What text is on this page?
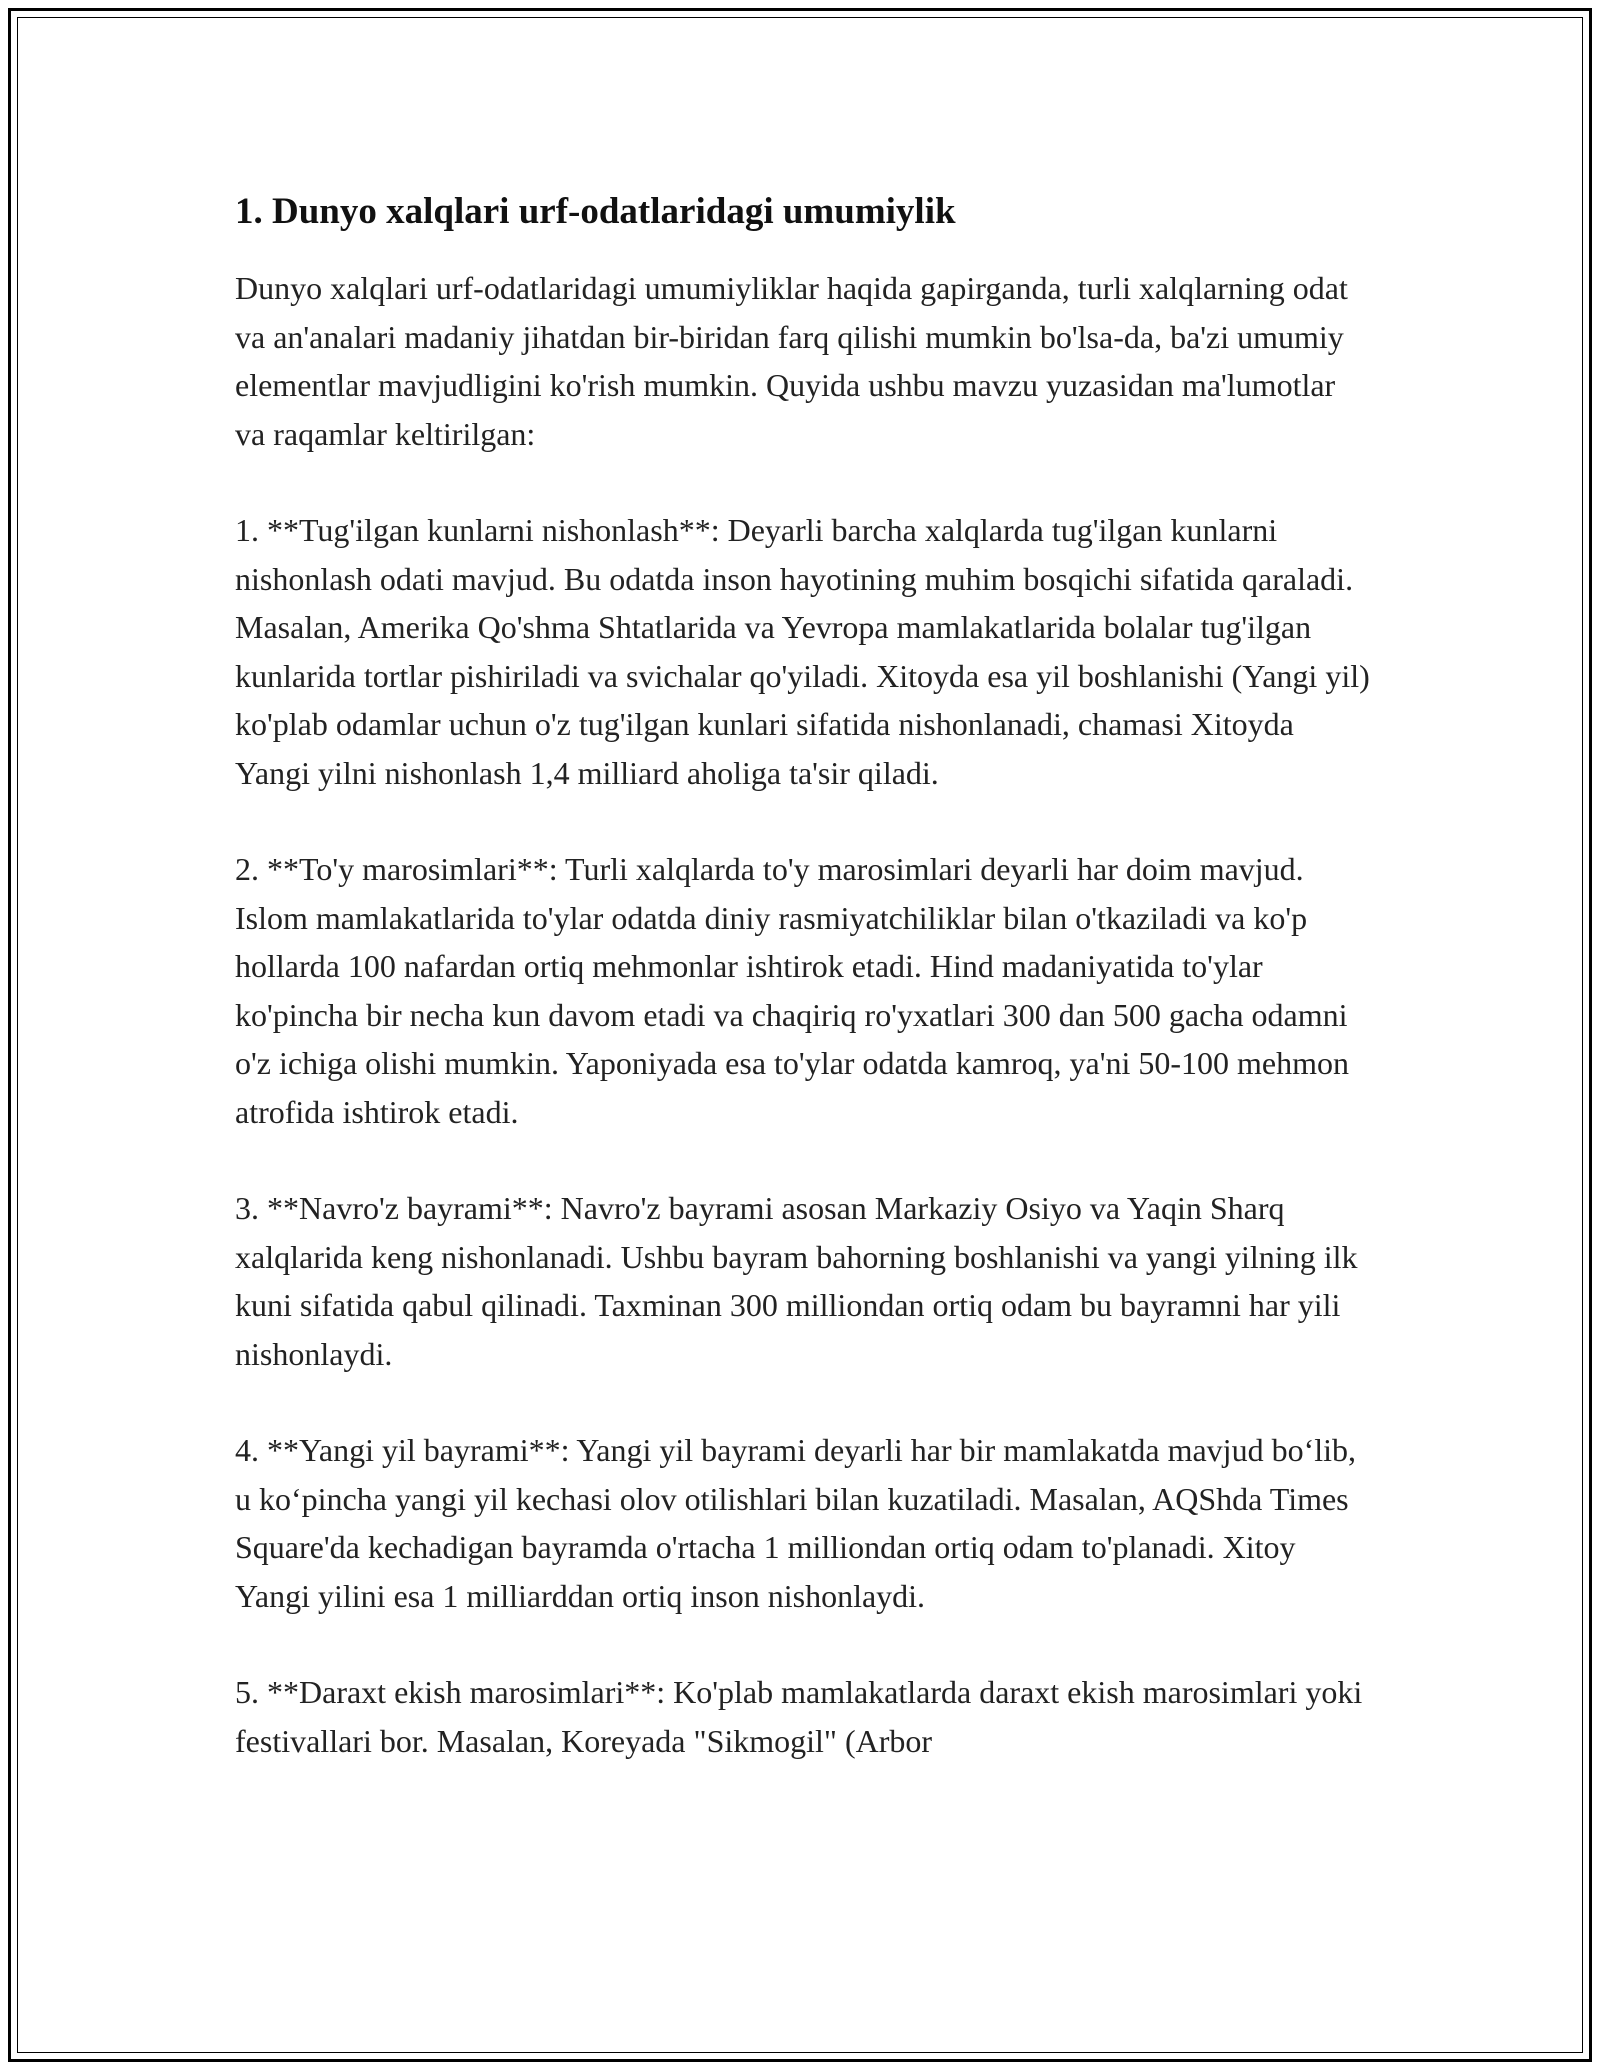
1. Dunyo xalqlari urf-odatlaridagi umumiylik

Dunyo xalqlari urf-odatlaridagi umumiyliklar haqida gapirganda, turli xalqlarning odat va an'analari madaniy jihatdan bir-biridan farq qilishi mumkin bo'lsa-da, ba'zi umumiy elementlar mavjudligini ko'rish mumkin. Quyida ushbu mavzu yuzasidan ma'lumotlar va raqamlar keltirilgan:

1. **Tug'ilgan kunlarni nishonlash**: Deyarli barcha xalqlarda tug'ilgan kunlarni nishonlash odati mavjud. Bu odatda inson hayotining muhim bosqichi sifatida qaraladi. Masalan, Amerika Qo'shma Shtatlarida va Yevropa mamlakatlarida bolalar tug'ilgan kunlarida tortlar pishiriladi va svichalar qo'yiladi. Xitoyda esa yil boshlanishi (Yangi yil) ko'plab odamlar uchun o'z tug'ilgan kunlari sifatida nishonlanadi, chamasi Xitoyda Yangi yilni nishonlash 1,4 milliard aholiga ta'sir qiladi.

2. **To'y marosimlari**: Turli xalqlarda to'y marosimlari deyarli har doim mavjud. Islom mamlakatlarida to'ylar odatda diniy rasmiyatchiliklar bilan o'tkaziladi va ko'p hollarda 100 nafardan ortiq mehmonlar ishtirok etadi. Hind madaniyatida to'ylar ko'pincha bir necha kun davom etadi va chaqiriq ro'yxatlari 300 dan 500 gacha odamni o'z ichiga olishi mumkin. Yaponiyada esa to'ylar odatda kamroq, ya'ni 50-100 mehmon atrofida ishtirok etadi.

3. **Navro'z bayrami**: Navro'z bayrami asosan Markaziy Osiyo va Yaqin Sharq xalqlarida keng nishonlanadi. Ushbu bayram bahorning boshlanishi va yangi yilning ilk kuni sifatida qabul qilinadi. Taxminan 300 milliondan ortiq odam bu bayramni har yili nishonlaydi.

4. **Yangi yil bayrami**: Yangi yil bayrami deyarli har bir mamlakatda mavjud bo‘lib, u ko‘pincha yangi yil kechasi olov otilishlari bilan kuzatiladi. Masalan, AQShda Times Square'da kechadigan bayramda o'rtacha 1 milliondan ortiq odam to'planadi. Xitoy Yangi yilini esa 1 milliarddan ortiq inson nishonlaydi.

5. **Daraxt ekish marosimlari**: Ko'plab mamlakatlarda daraxt ekish marosimlari yoki festivallari bor. Masalan, Koreyada "Sikmogil" (Arbor
